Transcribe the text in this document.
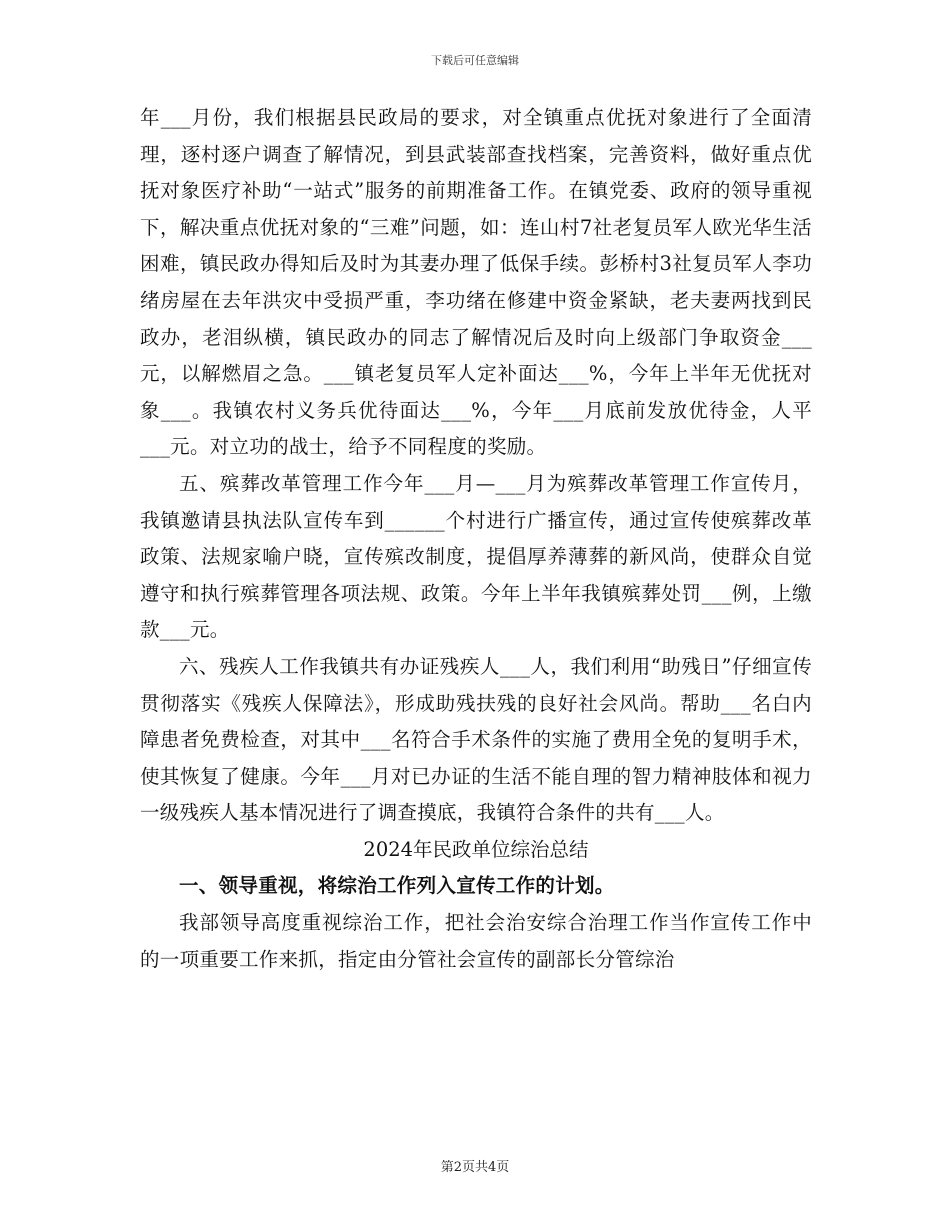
下载后可任意编辑

年___月份，我们根据县民政局的要求，对全镇重点优抚对象进行了全面清理，逐村逐户调查了解情况，到县武装部查找档案，完善资料，做好重点优抚对象医疗补助“一站式”服务的前期准备工作。在镇党委、政府的领导重视下，解决重点优抚对象的“三难”问题，如：连山村7社老复员军人欧光华生活困难，镇民政办得知后及时为其妻办理了低保手续。彭桥村3社复员军人李功绪房屋在去年洪灾中受损严重，李功绪在修建中资金紧缺，老夫妻两找到民政办，老泪纵横，镇民政办的同志了解情况后及时向上级部门争取资金___元，以解燃眉之急。___镇老复员军人定补面达___%，今年上半年无优抚对象___。我镇农村义务兵优待面达___%，今年___月底前发放优待金，人平___元。对立功的战士，给予不同程度的奖励。

五、殡葬改革管理工作今年___月—___月为殡葬改革管理工作宣传月，我镇邀请县执法队宣传车到______个村进行广播宣传，通过宣传使殡葬改革政策、法规家喻户晓，宣传殡改制度，提倡厚养薄葬的新风尚，使群众自觉遵守和执行殡葬管理各项法规、政策。今年上半年我镇殡葬处罚___例，上缴款___元。

六、残疾人工作我镇共有办证残疾人___人，我们利用“助残日”仔细宣传贯彻落实《残疾人保障法》，形成助残扶残的良好社会风尚。帮助___名白内障患者免费检查，对其中___名符合手术条件的实施了费用全免的复明手术，使其恢复了健康。今年___月对已办证的生活不能自理的智力精神肢体和视力一级残疾人基本情况进行了调查摸底，我镇符合条件的共有___人。

2024年民政单位综治总结

一、领导重视，将综治工作列入宣传工作的计划。

我部领导高度重视综治工作，把社会治安综合治理工作当作宣传工作中的一项重要工作来抓，指定由分管社会宣传的副部长分管综治

第2页共4页
